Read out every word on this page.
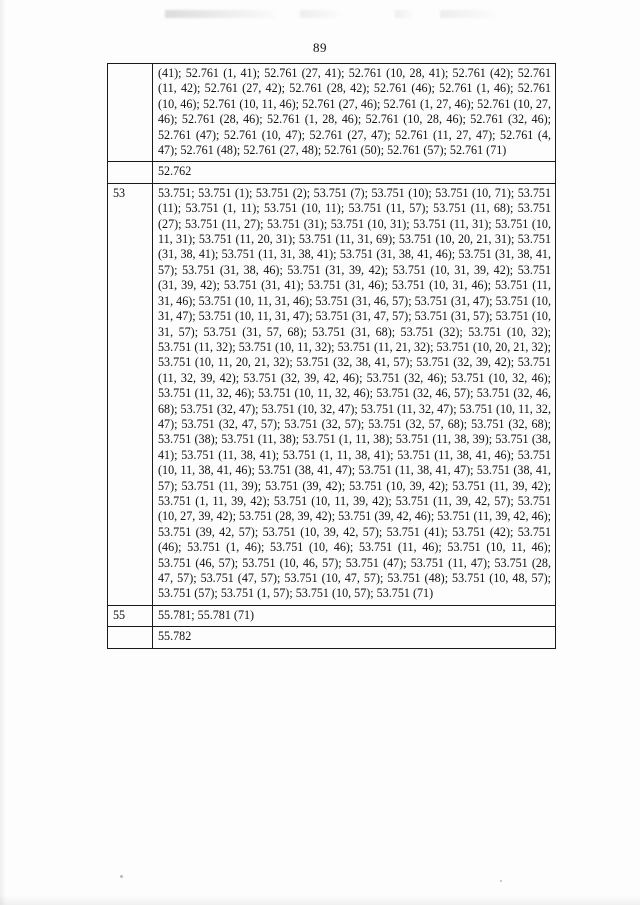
89
	(41); 52.761 (1, 41); 52.761 (27, 41); 52.761 (10, 28, 41); 52.761 (42); 52.761 (11, 42); 52.761 (27, 42); 52.761 (28, 42); 52.761 (46); 52.761 (1, 46); 52.761 (10, 46); 52.761 (10, 11, 46); 52.761 (27, 46); 52.761 (1, 27, 46); 52.761 (10, 27, 46); 52.761 (28, 46); 52.761 (1, 28, 46); 52.761 (10, 28, 46); 52.761 (32, 46); 52.761 (47); 52.761 (10, 47); 52.761 (27, 47); 52.761 (11, 27, 47); 52.761 (4, 47); 52.761 (48); 52.761 (27, 48); 52.761 (50); 52.761 (57); 52.761 (71)
	52.762
53	53.751; 53.751 (1); 53.751 (2); 53.751 (7); 53.751 (10); 53.751 (10, 71); 53.751 (11); 53.751 (1, 11); 53.751 (10, 11); 53.751 (11, 57); 53.751 (11, 68); 53.751 (27); 53.751 (11, 27); 53.751 (31); 53.751 (10, 31); 53.751 (11, 31); 53.751 (10, 11, 31); 53.751 (11, 20, 31); 53.751 (11, 31, 69); 53.751 (10, 20, 21, 31); 53.751 (31, 38, 41); 53.751 (11, 31, 38, 41); 53.751 (31, 38, 41, 46); 53.751 (31, 38, 41, 57); 53.751 (31, 38, 46); 53.751 (31, 39, 42); 53.751 (10, 31, 39, 42); 53.751 (31, 39, 42); 53.751 (31, 41); 53.751 (31, 46); 53.751 (10, 31, 46); 53.751 (11, 31, 46); 53.751 (10, 11, 31, 46); 53.751 (31, 46, 57); 53.751 (31, 47); 53.751 (10, 31, 47); 53.751 (10, 11, 31, 47); 53.751 (31, 47, 57); 53.751 (31, 57); 53.751 (10, 31, 57); 53.751 (31, 57, 68); 53.751 (31, 68); 53.751 (32); 53.751 (10, 32); 53.751 (11, 32); 53.751 (10, 11, 32); 53.751 (11, 21, 32); 53.751 (10, 20, 21, 32); 53.751 (10, 11, 20, 21, 32); 53.751 (32, 38, 41, 57); 53.751 (32, 39, 42); 53.751 (11, 32, 39, 42); 53.751 (32, 39, 42, 46); 53.751 (32, 46); 53.751 (10, 32, 46); 53.751 (11, 32, 46); 53.751 (10, 11, 32, 46); 53.751 (32, 46, 57); 53.751 (32, 46, 68); 53.751 (32, 47); 53.751 (10, 32, 47); 53.751 (11, 32, 47); 53.751 (10, 11, 32, 47); 53.751 (32, 47, 57); 53.751 (32, 57); 53.751 (32, 57, 68); 53.751 (32, 68); 53.751 (38); 53.751 (11, 38); 53.751 (1, 11, 38); 53.751 (11, 38, 39); 53.751 (38, 41); 53.751 (11, 38, 41); 53.751 (1, 11, 38, 41); 53.751 (11, 38, 41, 46); 53.751 (10, 11, 38, 41, 46); 53.751 (38, 41, 47); 53.751 (11, 38, 41, 47); 53.751 (38, 41, 57); 53.751 (11, 39); 53.751 (39, 42); 53.751 (10, 39, 42); 53.751 (11, 39, 42); 53.751 (1, 11, 39, 42); 53.751 (10, 11, 39, 42); 53.751 (11, 39, 42, 57); 53.751 (10, 27, 39, 42); 53.751 (28, 39, 42); 53.751 (39, 42, 46); 53.751 (11, 39, 42, 46); 53.751 (39, 42, 57); 53.751 (10, 39, 42, 57); 53.751 (41); 53.751 (42); 53.751 (46); 53.751 (1, 46); 53.751 (10, 46); 53.751 (11, 46); 53.751 (10, 11, 46); 53.751 (46, 57); 53.751 (10, 46, 57); 53.751 (47); 53.751 (11, 47); 53.751 (28, 47, 57); 53.751 (47, 57); 53.751 (10, 47, 57); 53.751 (48); 53.751 (10, 48, 57); 53.751 (57); 53.751 (1, 57); 53.751 (10, 57); 53.751 (71)
55	55.781; 55.781 (71)
	55.782
